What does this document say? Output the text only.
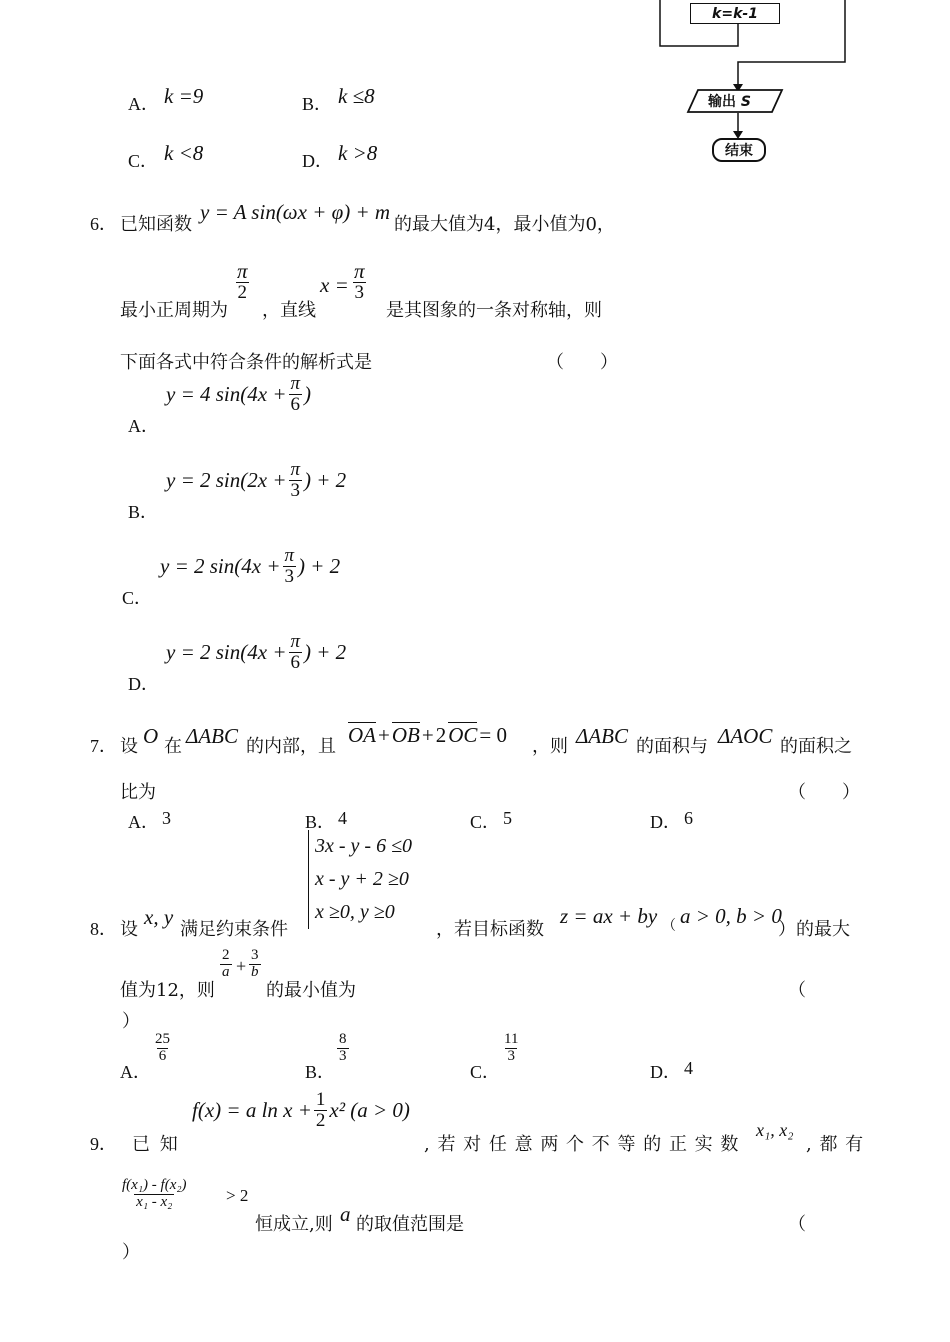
k=k-1
输出 S
结束
A． k =9	B． k ≤8
C． k <8	D． k >8
6． 已知函数
y = A sin(ωx + φ) + m
的最大值为4，最小值为0，
最小正周期为
$\frac{\pi}{2}$
，直线
$x = \frac{\pi}{3}$
是其图象的一条对称轴，则
下面各式中符合条件的解析式是	（　　）
A．
y = 4 $\sin(4x + \frac{\pi}{6}$ )
B．
y = 2 $\sin(2x + \frac{\pi}{3}$ ) + 2
C．
y = 2 $\sin(4x + \frac{\pi}{3}$ ) + 2
D．
y = 2 $\sin(4x + \frac{\pi}{6}$ ) + 2
7． 设 O 在 ΔABC 的内部，且 OA + OB + 2 OC = 0 ，则 ΔABC 的面积与 ΔAOC 的面积之
比为	（　　）
A． 3	B． 4	C． 5	D． 6
3x - y - 6 ≤0
x - y + 2 ≥0
x ≥0, y ≥0
8． 设
x, y
满足约束条件	，若目标函数
z = ax + by （ a > 0, b > 0
）的最大
值为12，则
$\frac{2}{a} + \frac{3}{b}$
的最小值为	（
）
A．
$\frac{25}{6}$
B．
$\frac{8}{3}$
C．
$\frac{11}{3}$
D． 4
9． 已 知
f(x) = a $\ln x + \frac{1}{2} x^2$ (a > 0)
, 若 对 任 意 两 个 不 等 的 正 实 数
x₁, x₂
, 都 有
$\frac{\text{f(x₁) - f(x₂)}}{\text{x₁ - x₂}} > 2$
恒成立,则 a 的取值范围是	（
）
